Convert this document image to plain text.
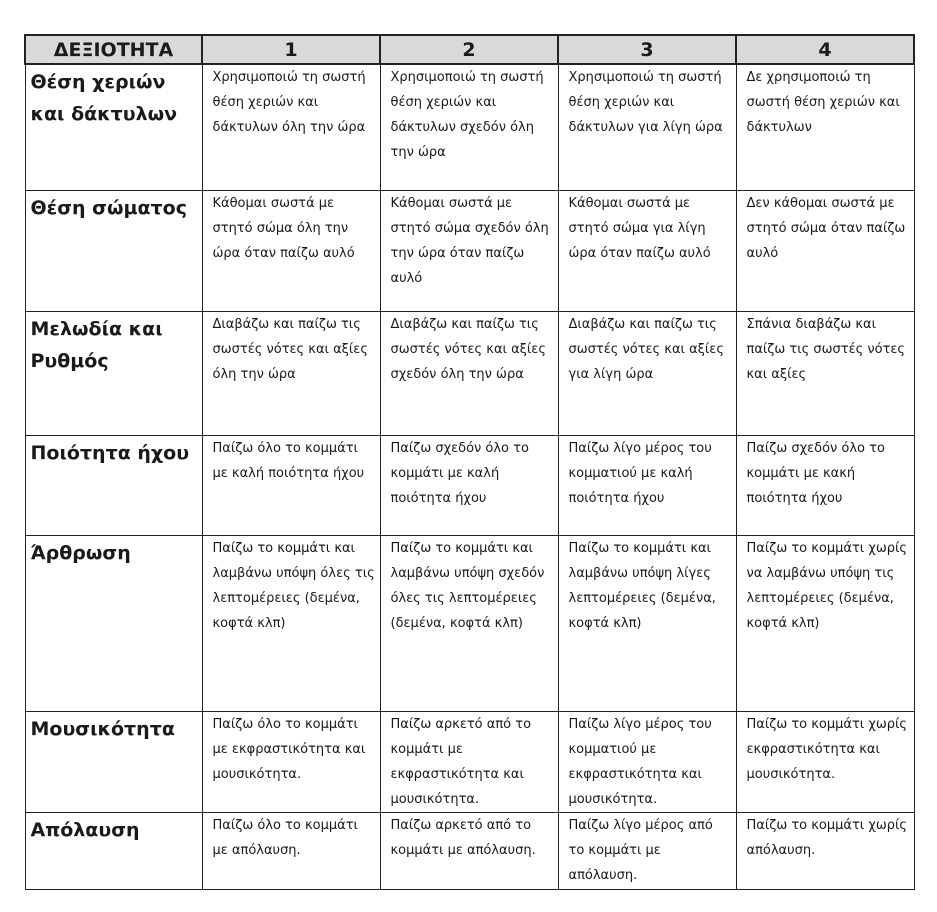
ΔΕΞΙΟΤΗΤΑ	1	2	3	4
Θέση χεριών και δάκτυλων	Χρησιμοποιώ τη σωστή θέση χεριών και δάκτυλων όλη την ώρα	Χρησιμοποιώ τη σωστή θέση χεριών και δάκτυλων σχεδόν όλη την ώρα	Χρησιμοποιώ τη σωστή θέση χεριών και δάκτυλων για λίγη ώρα	Δε χρησιμοποιώ τη σωστή θέση χεριών και δάκτυλων
Θέση σώματος	Κάθομαι σωστά με στητό σώμα όλη την ώρα όταν παίζω αυλό	Κάθομαι σωστά με στητό σώμα σχεδόν όλη την ώρα όταν παίζω αυλό	Κάθομαι σωστά με στητό σώμα για λίγη ώρα όταν παίζω αυλό	Δεν κάθομαι σωστά με στητό σώμα όταν παίζω αυλό
Μελωδία και Ρυθμός	Διαβάζω και παίζω τις σωστές νότες και αξίες όλη την ώρα	Διαβάζω και παίζω τις σωστές νότες και αξίες σχεδόν όλη την ώρα	Διαβάζω και παίζω τις σωστές νότες και αξίες για λίγη ώρα	Σπάνια διαβάζω και παίζω τις σωστές νότες και αξίες
Ποιότητα ήχου	Παίζω όλο το κομμάτι με καλή ποιότητα ήχου	Παίζω σχεδόν όλο το κομμάτι με καλή ποιότητα ήχου	Παίζω λίγο μέρος του κομματιού με καλή ποιότητα ήχου	Παίζω σχεδόν όλο το κομμάτι με κακή ποιότητα ήχου
Άρθρωση	Παίζω το κομμάτι και λαμβάνω υπόψη όλες τις λεπτομέρειες (δεμένα, κοφτά κλπ)	Παίζω το κομμάτι και λαμβάνω υπόψη σχεδόν όλες τις λεπτομέρειες (δεμένα, κοφτά κλπ)	Παίζω το κομμάτι και λαμβάνω υπόψη λίγες λεπτομέρειες (δεμένα, κοφτά κλπ)	Παίζω το κομμάτι χωρίς να λαμβάνω υπόψη τις λεπτομέρειες (δεμένα, κοφτά κλπ)
Μουσικότητα	Παίζω όλο το κομμάτι με εκφραστικότητα και μουσικότητα.	Παίζω αρκετό από το κομμάτι με εκφραστικότητα και μουσικότητα.	Παίζω λίγο μέρος του κομματιού με εκφραστικότητα και μουσικότητα.	Παίζω το κομμάτι χωρίς εκφραστικότητα και μουσικότητα.
Απόλαυση	Παίζω όλο το κομμάτι με απόλαυση.	Παίζω αρκετό από το κομμάτι με απόλαυση.	Παίζω λίγο μέρος από το κομμάτι με απόλαυση.	Παίζω το κομμάτι χωρίς απόλαυση.
